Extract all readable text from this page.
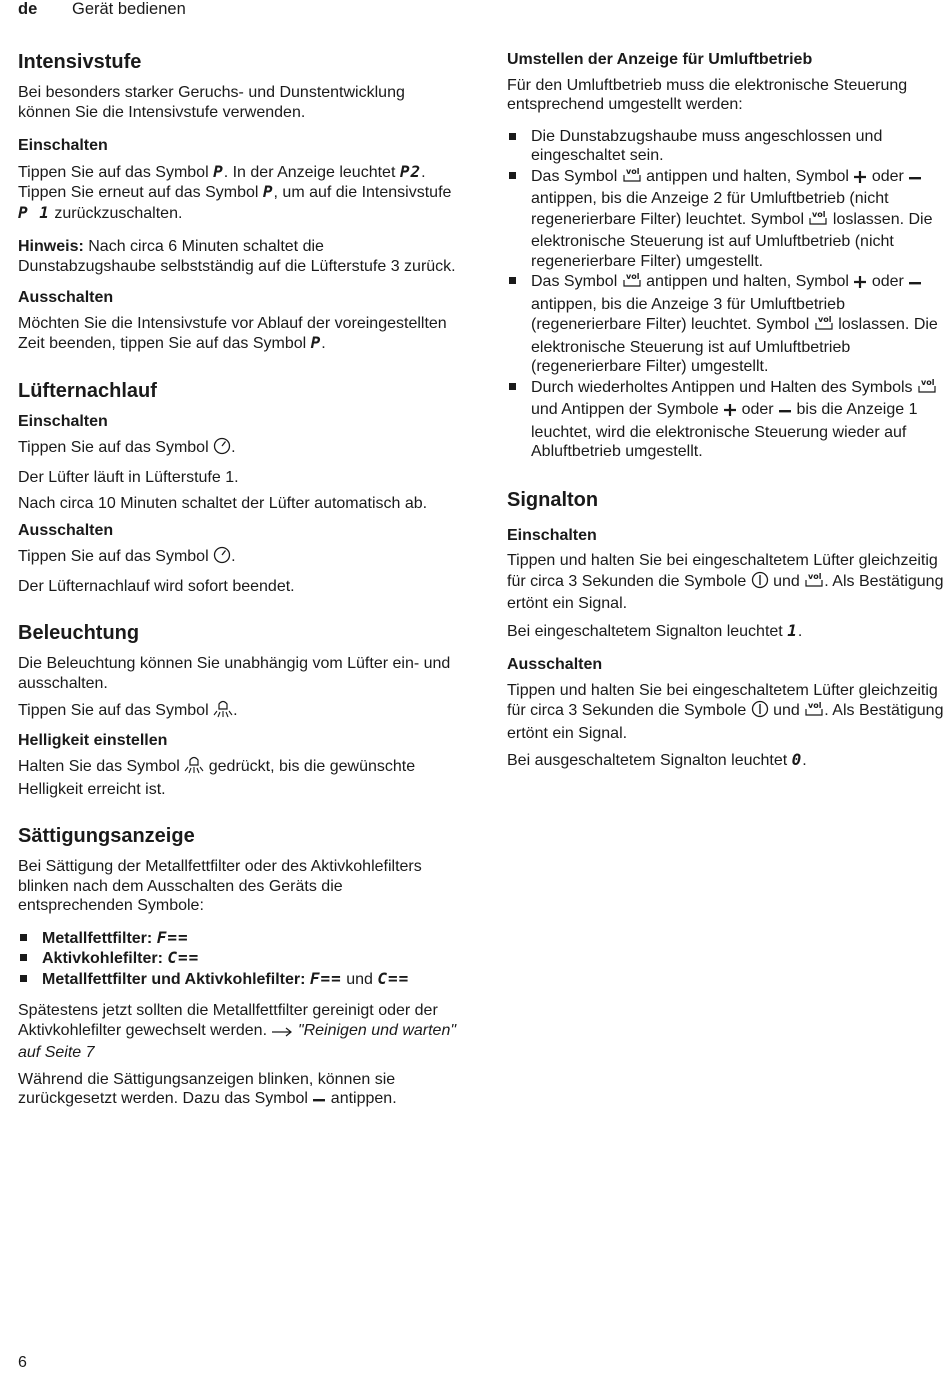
de Gerät bedienen
Intensivstufe

Bei besonders starker Geruchs- und Dunstentwicklung können Sie die Intensivstufe verwenden.

Einschalten

Tippen Sie auf das Symbol P. In der Anzeige leuchtet P2. Tippen Sie erneut auf das Symbol P, um auf die Intensivstufe P 1 zurückzuschalten.

Hinweis: Nach circa 6 Minuten schaltet die Dunstabzugshaube selbstständig auf die Lüfterstufe 3 zurück.

Ausschalten

Möchten Sie die Intensivstufe vor Ablauf der voreingestellten Zeit beenden, tippen Sie auf das Symbol P.

Lüfternachlauf
Einschalten

Tippen Sie auf das Symbol .

Der Lüfter läuft in Lüfterstufe 1.

Nach circa 10 Minuten schaltet der Lüfter automatisch ab.

Ausschalten

Tippen Sie auf das Symbol .

Der Lüfternachlauf wird sofort beendet.

Beleuchtung

Die Beleuchtung können Sie unabhängig vom Lüfter ein- und ausschalten.

Tippen Sie auf das Symbol .

Helligkeit einstellen

Halten Sie das Symbol  gedrückt, bis die gewünschte Helligkeit erreicht ist.

Sättigungsanzeige

Bei Sättigung der Metallfettfilter oder des Aktivkohlefilters blinken nach dem Ausschalten des Geräts die entsprechenden Symbole:

Metallfettfilter: F==
Aktivkohlefilter: C==
Metallfettfilter und Aktivkohlefilter: F== und C==

Spätestens jetzt sollten die Metallfettfilter gereinigt oder der Aktivkohlefilter gewechselt werden.  "Reinigen und warten" auf Seite 7

Während die Sättigungsanzeigen blinken, können sie zurückgesetzt werden. Dazu das Symbol  antippen.

Umstellen der Anzeige für Umluftbetrieb

Für den Umluftbetrieb muss die elektronische Steuerung entsprechend umgestellt werden:

Die Dunstabzugshaube muss angeschlossen und eingeschaltet sein.
Das Symbol vol antippen und halten, Symbol  oder  antippen, bis die Anzeige 2 für Umluftbetrieb (nicht regenerierbare Filter) leuchtet. Symbol vol loslassen. Die elektronische Steuerung ist auf Umluftbetrieb (nicht regenerierbare Filter) umgestellt.
Das Symbol vol antippen und halten, Symbol  oder  antippen, bis die Anzeige 3 für Umluftbetrieb (regenerierbare Filter) leuchtet. Symbol vol loslassen. Die elektronische Steuerung ist auf Umluftbetrieb (regenerierbare Filter) umgestellt.
Durch wiederholtes Antippen und Halten des Symbols vol
und Antippen der Symbole  oder  bis die Anzeige 1 leuchtet, wird die elektronische Steuerung wieder auf Abluftbetrieb umgestellt.
Signalton
Einschalten

Tippen und halten Sie bei eingeschaltetem Lüfter gleichzeitig für circa 3 Sekunden die Symbole  und vol . Als Bestätigung ertönt ein Signal.

Bei eingeschaltetem Signalton leuchtet 1.

Ausschalten

Tippen und halten Sie bei eingeschaltetem Lüfter gleichzeitig für circa 3 Sekunden die Symbole  und vol . Als Bestätigung ertönt ein Signal.

Bei ausgeschaltetem Signalton leuchtet 0.

6
